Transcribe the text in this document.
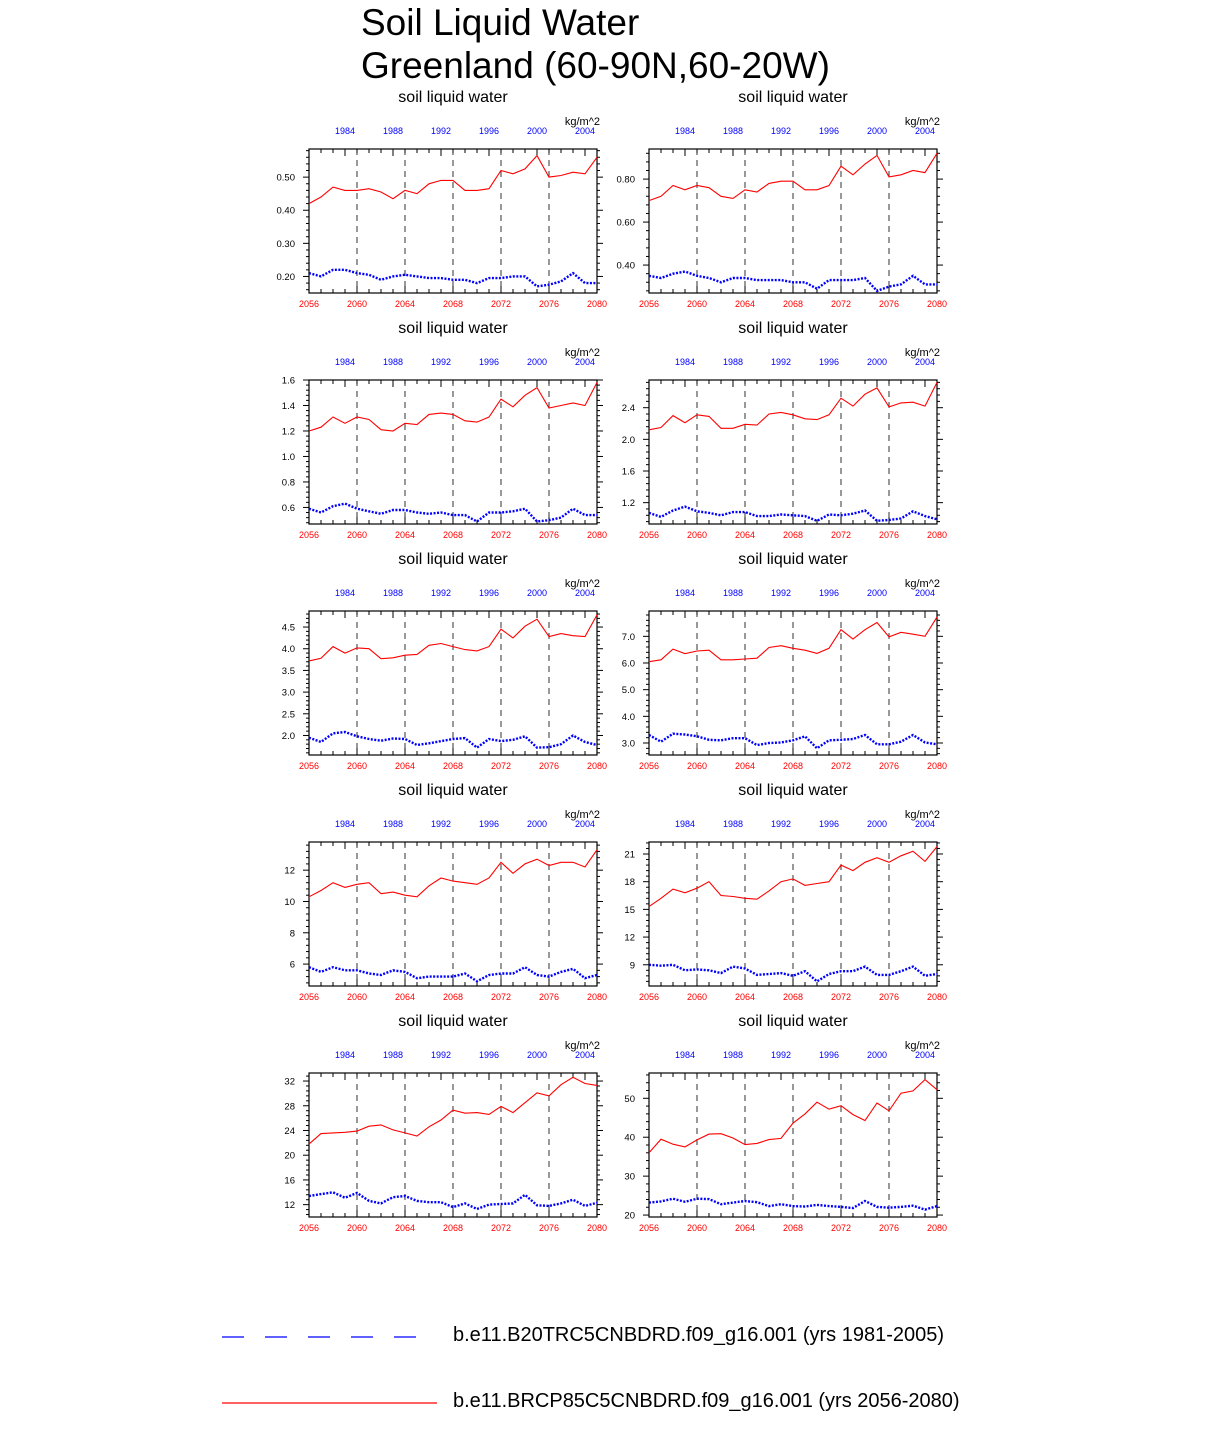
Soil Liquid Water
Greenland (60-90N,60-20W)
soil liquid water
kg/m^2
2056	2060	2064	2068	2072	2076	2080
1984	1988	1992	1996	2000	2004
0.20
0.30
0.40
0.50
soil liquid water
kg/m^2
2056	2060	2064	2068	2072	2076	2080
1984	1988	1992	1996	2000	2004
0.40
0.60
0.80
soil liquid water
kg/m^2
2056	2060	2064	2068	2072	2076	2080
1984	1988	1992	1996	2000	2004
0.6
0.8
1.0
1.2
1.4
1.6
soil liquid water
kg/m^2
2056	2060	2064	2068	2072	2076	2080
1984	1988	1992	1996	2000	2004
1.2
1.6
2.0
2.4
soil liquid water
kg/m^2
2056	2060	2064	2068	2072	2076	2080
1984	1988	1992	1996	2000	2004
2.0
2.5
3.0
3.5
4.0
4.5
soil liquid water
kg/m^2
2056	2060	2064	2068	2072	2076	2080
1984	1988	1992	1996	2000	2004
3.0
4.0
5.0
6.0
7.0
soil liquid water
kg/m^2
2056	2060	2064	2068	2072	2076	2080
1984	1988	1992	1996	2000	2004
6
8
10
12
soil liquid water
kg/m^2
2056	2060	2064	2068	2072	2076	2080
1984	1988	1992	1996	2000	2004
9
12
15
18
21
soil liquid water
kg/m^2
2056	2060	2064	2068	2072	2076	2080
1984	1988	1992	1996	2000	2004
12
16
20
24
28
32
soil liquid water
kg/m^2
2056	2060	2064	2068	2072	2076	2080
1984	1988	1992	1996	2000	2004
20
30
40
50
b.e11.B20TRC5CNBDRD.f09_g16.001 (yrs 1981-2005)
b.e11.BRCP85C5CNBDRD.f09_g16.001 (yrs 2056-2080)
